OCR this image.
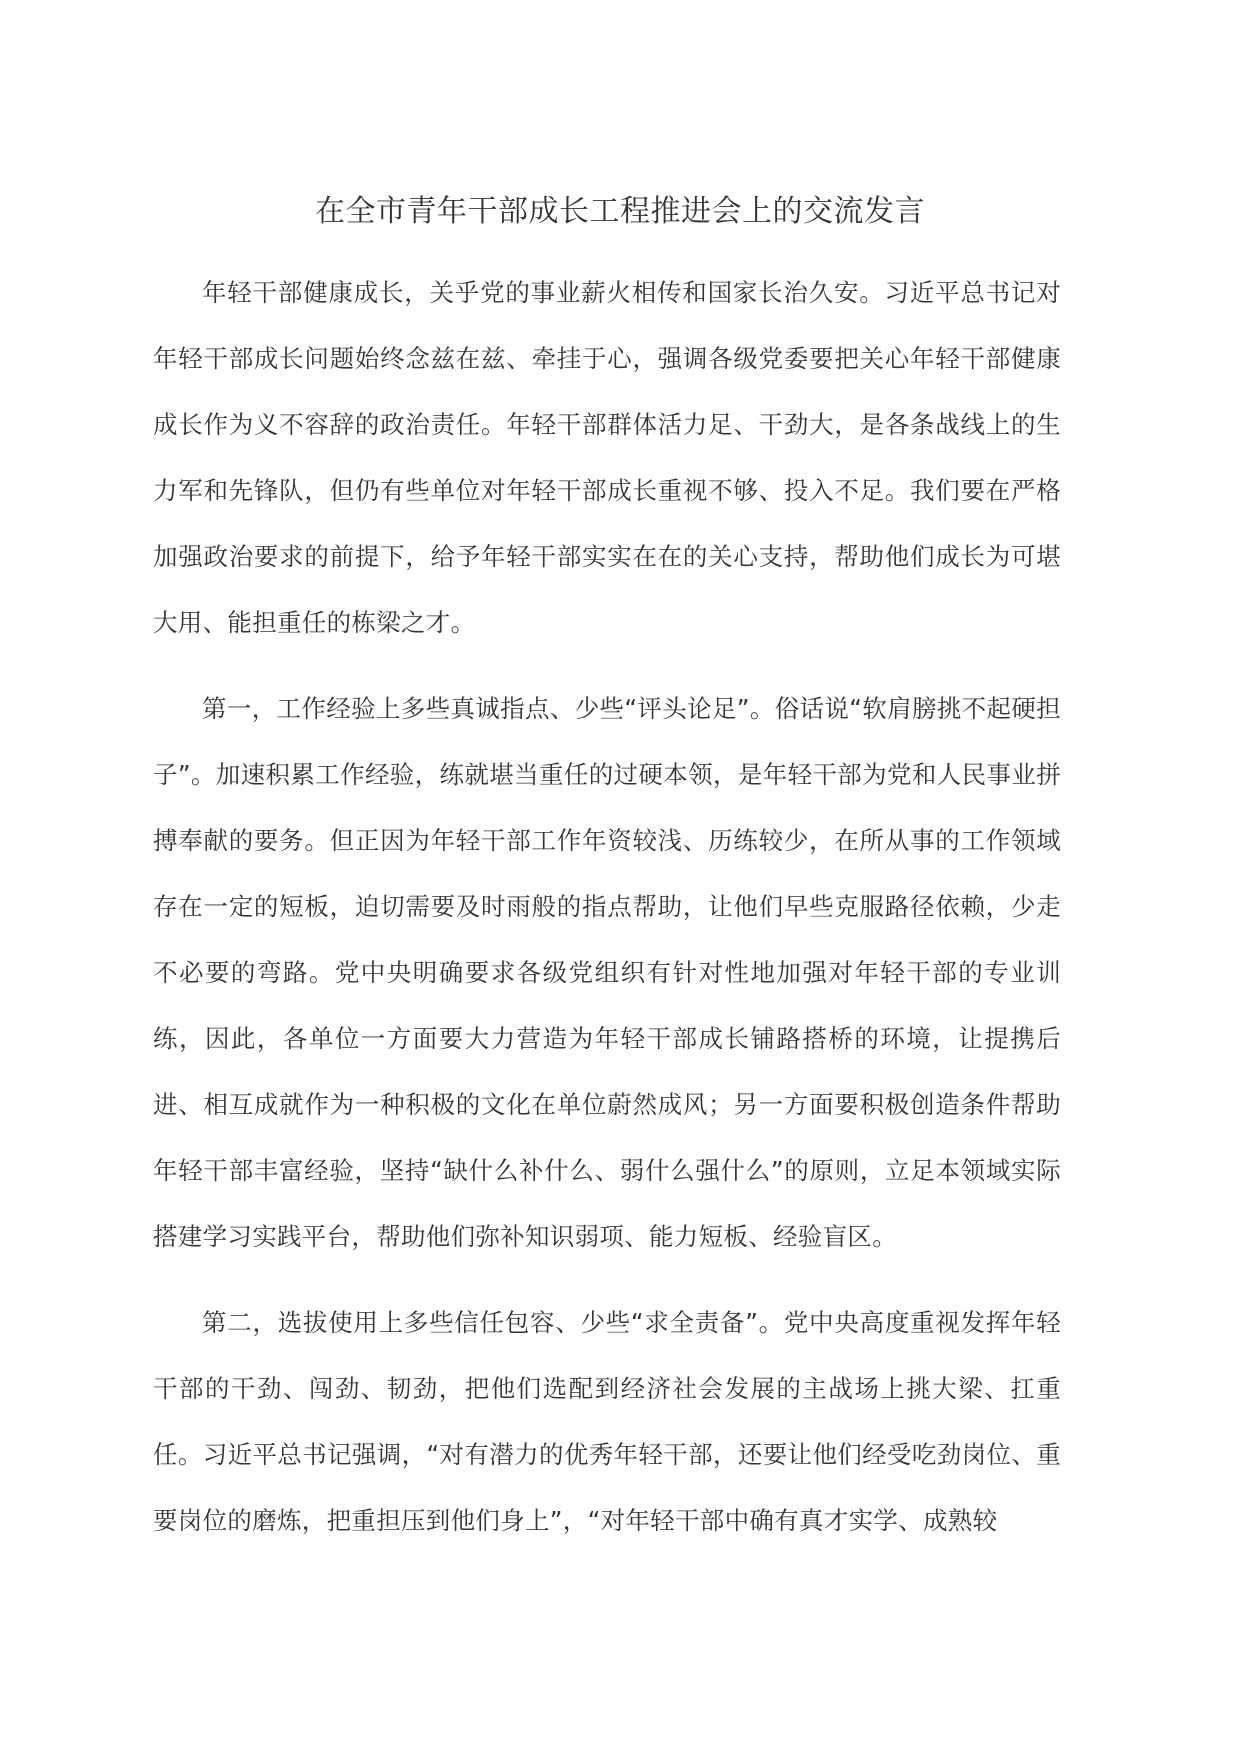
在全市青年干部成长工程推进会上的交流发言

年轻干部健康成长，关乎党的事业薪火相传和国家长治久安。习近平总书记对年轻干部成长问题始终念兹在兹、牵挂于心，强调各级党委要把关心年轻干部健康成长作为义不容辞的政治责任。年轻干部群体活力足、干劲大，是各条战线上的生力军和先锋队，但仍有些单位对年轻干部成长重视不够、投入不足。我们要在严格加强政治要求的前提下，给予年轻干部实实在在的关心支持，帮助他们成长为可堪大用、能担重任的栋梁之才。

第一，工作经验上多些真诚指点、少些“评头论足”。俗话说“软肩膀挑不起硬担子”。加速积累工作经验，练就堪当重任的过硬本领，是年轻干部为党和人民事业拼搏奉献的要务。但正因为年轻干部工作年资较浅、历练较少，在所从事的工作领域存在一定的短板，迫切需要及时雨般的指点帮助，让他们早些克服路径依赖，少走不必要的弯路。党中央明确要求各级党组织有针对性地加强对年轻干部的专业训练，因此，各单位一方面要大力营造为年轻干部成长铺路搭桥的环境，让提携后进、相互成就作为一种积极的文化在单位蔚然成风；另一方面要积极创造条件帮助年轻干部丰富经验，坚持“缺什么补什么、弱什么强什么”的原则，立足本领域实际搭建学习实践平台，帮助他们弥补知识弱项、能力短板、经验盲区。

第二，选拔使用上多些信任包容、少些“求全责备”。党中央高度重视发挥年轻干部的干劲、闯劲、韧劲，把他们选配到经济社会发展的主战场上挑大梁、扛重任。习近平总书记强调，“对有潜力的优秀年轻干部，还要让他们经受吃劲岗位、重要岗位的磨炼，把重担压到他们身上”，“对年轻干部中确有真才实学、成熟较
